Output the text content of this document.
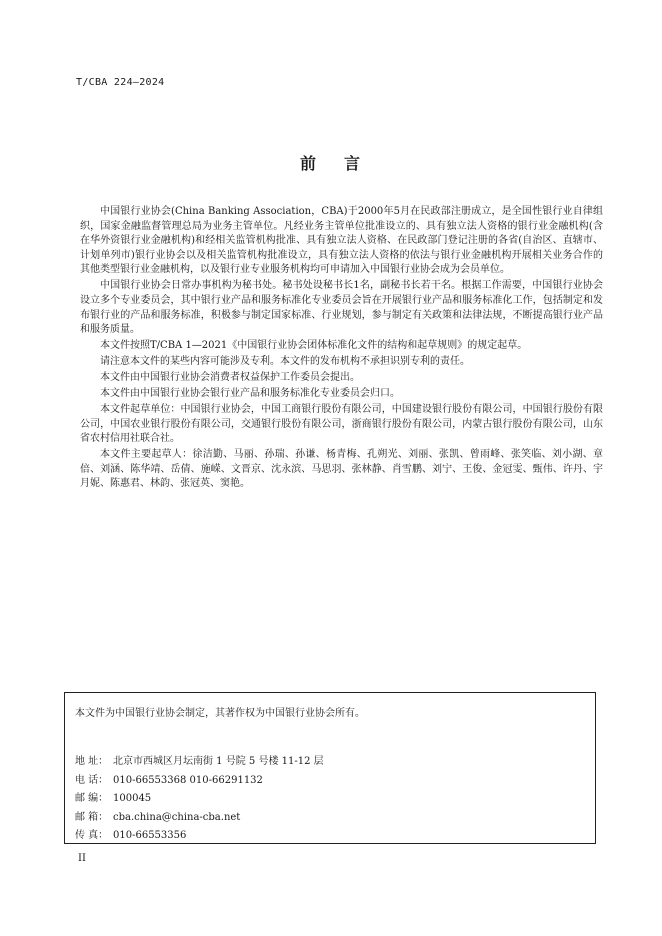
T/CBA 224—2024
前 言

中国银行业协会(China Banking Association，CBA)于2000年5月在民政部注册成立，是全国性银行业自律组织，国家金融监督管理总局为业务主管单位。凡经业务主管单位批准设立的、具有独立法人资格的银行业金融机构(含在华外资银行业金融机构)和经相关监管机构批准、具有独立法人资格、在民政部门登记注册的各省(自治区、直辖市、计划单列市)银行业协会以及相关监管机构批准设立，具有独立法人资格的依法与银行业金融机构开展相关业务合作的其他类型银行业金融机构，以及银行业专业服务机构均可申请加入中国银行业协会成为会员单位。

中国银行业协会日常办事机构为秘书处。秘书处设秘书长1名，副秘书长若干名。根据工作需要，中国银行业协会设立多个专业委员会，其中银行业产品和服务标准化专业委员会旨在开展银行业产品和服务标准化工作，包括制定和发布银行业的产品和服务标准，积极参与制定国家标准、行业规划，参与制定有关政策和法律法规，不断提高银行业产品和服务质量。

本文件按照T/CBA 1—2021《中国银行业协会团体标准化文件的结构和起草规则》的规定起草。

请注意本文件的某些内容可能涉及专利。本文件的发布机构不承担识别专利的责任。

本文件由中国银行业协会消费者权益保护工作委员会提出。

本文件由中国银行业协会银行业产品和服务标准化专业委员会归口。

本文件起草单位：中国银行业协会，中国工商银行股份有限公司，中国建设银行股份有限公司，中国银行股份有限公司，中国农业银行股份有限公司，交通银行股份有限公司，浙商银行股份有限公司，内蒙古银行股份有限公司，山东省农村信用社联合社。

本文件主要起草人：徐洁勤、马丽、孙瑞、孙谦、杨青梅、孔朔光、刘丽、张凯、曾雨峰、张笑临、刘小湖、章倍、刘涵、陈华靖、岳倩、施嵘、文晋京、沈永滨、马思羽、张林静、肖雪鹏、刘宁、王俊、金冠雯、甄伟、许丹、宇月妮、陈惠君、林韵、张冠英、窦艳。

本文件为中国银行业协会制定，其著作权为中国银行业协会所有。
地 址： 北京市西城区月坛南街 1 号院 5 号楼 11-12 层
电 话： 010-66553368 010-66291132
邮 编： 100045
邮 箱： cba.china@china-cba.net
传 真： 010-66553356
II
